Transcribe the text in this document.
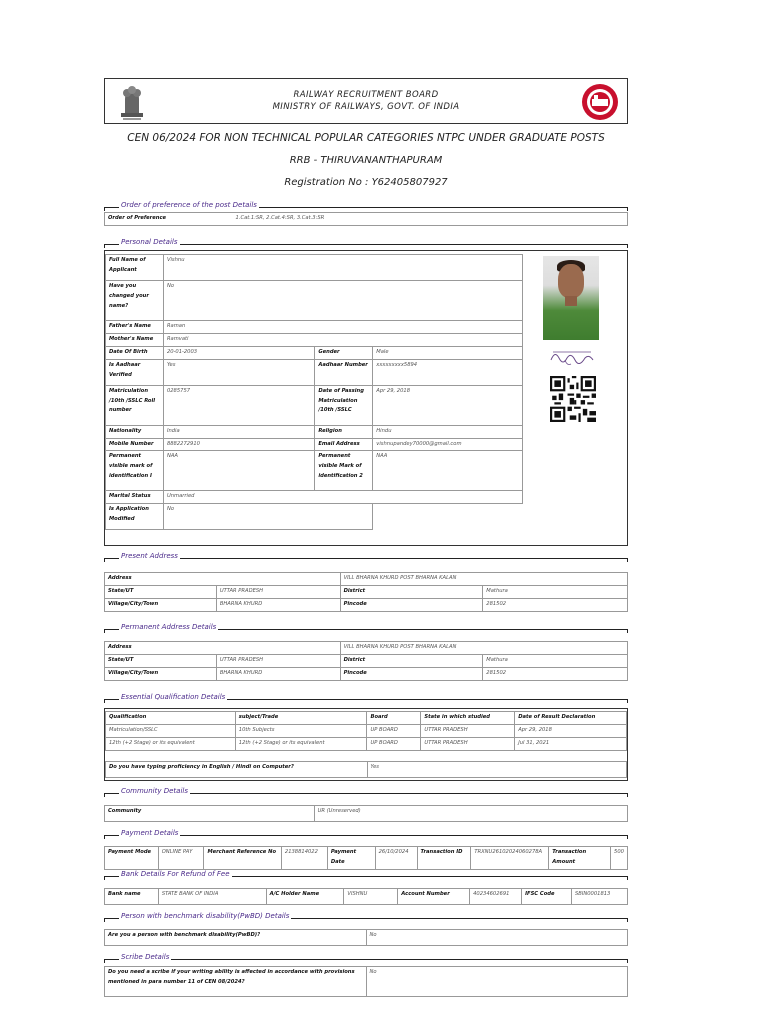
RAILWAY RECRUITMENT BOARD
MINISTRY OF RAILWAYS, GOVT. OF INDIA
CEN 06/2024 FOR NON TECHNICAL POPULAR CATEGORIES NTPC UNDER GRADUATE POSTS
RRB - THIRUVANANTHAPURAM
Registration No : Y62405807927
Order of preference of the post Details
Order of Preference	1.Cat.1:SR, 2.Cat.4:SR, 3.Cat.3:SR
Personal Details
Full Name of Applicant	Vishnu		
Have you changed your name?	No		
Father's Name	Raman		
Mother's Name	Ramvati		
Date Of Birth	20-01-2003	Gender	Male
Is Aadhaar Verified	Yes	Aadhaar Number	xxxxxxxxx5894
Matriculation /10th /SSLC Roll number	0285757	Date of Passing Matriculation /10th /SSLC	Apr 29, 2018
Nationality	India	Religion	Hindu
Mobile Number	8882272910	Email Address	vishnupandey70000@gmail.com
Permanent visible mark of identification I	NAA	Permanent visible Mark of identification 2	NAA
Marital Status	Unmarried		
Is Application Modified	No		
Present Address
Address		VILL BHARNA KHURD POST BHARNA KALAN	
State/UT	UTTAR PRADESH	District	Mathura
Village/City/Town	BHARNA KHURD	Pincode	281502
Permanent Address Details
Address		VILL BHARNA KHURD POST BHARNA KALAN	
State/UT	UTTAR PRADESH	District	Mathura
Village/City/Town	BHARNA KHURD	Pincode	281502
Essential Qualification Details
Qualification	subject/Trade	Board	State in which studied	Date of Result Declaration
Matriculation/SSLC	10th Subjects	UP BOARD	UTTAR PRADESH	Apr 29, 2018
12th (+2 Stage) or its equivalent	12th (+2 Stage) or its equivalent	UP BOARD	UTTAR PRADESH	Jul 31, 2021
Do you have typing proficiency in English / Hindi on Computer?	Yes
Community Details
Community	UR (Unreserved)
Payment Details
Payment Mode	ONLINE PAY	Merchant Reference No	2138814022	Payment Date	26/10/2024	Transaction ID	TRXNU26102024060278A	Transaction Amount	500
Bank Details For Refund of Fee
Bank name	STATE BANK OF INDIA	A/C Holder Name	VISHNU	Account Number	40234602691	IFSC Code	SBIN0001813
Person with benchmark disability(PwBD) Details
Are you a person with benchmark disability(PwBD)?	No
Scribe Details
Do you need a scribe if your writing ability is affected in accordance with provisions mentioned in para number 11 of CEN 08/2024?	No
